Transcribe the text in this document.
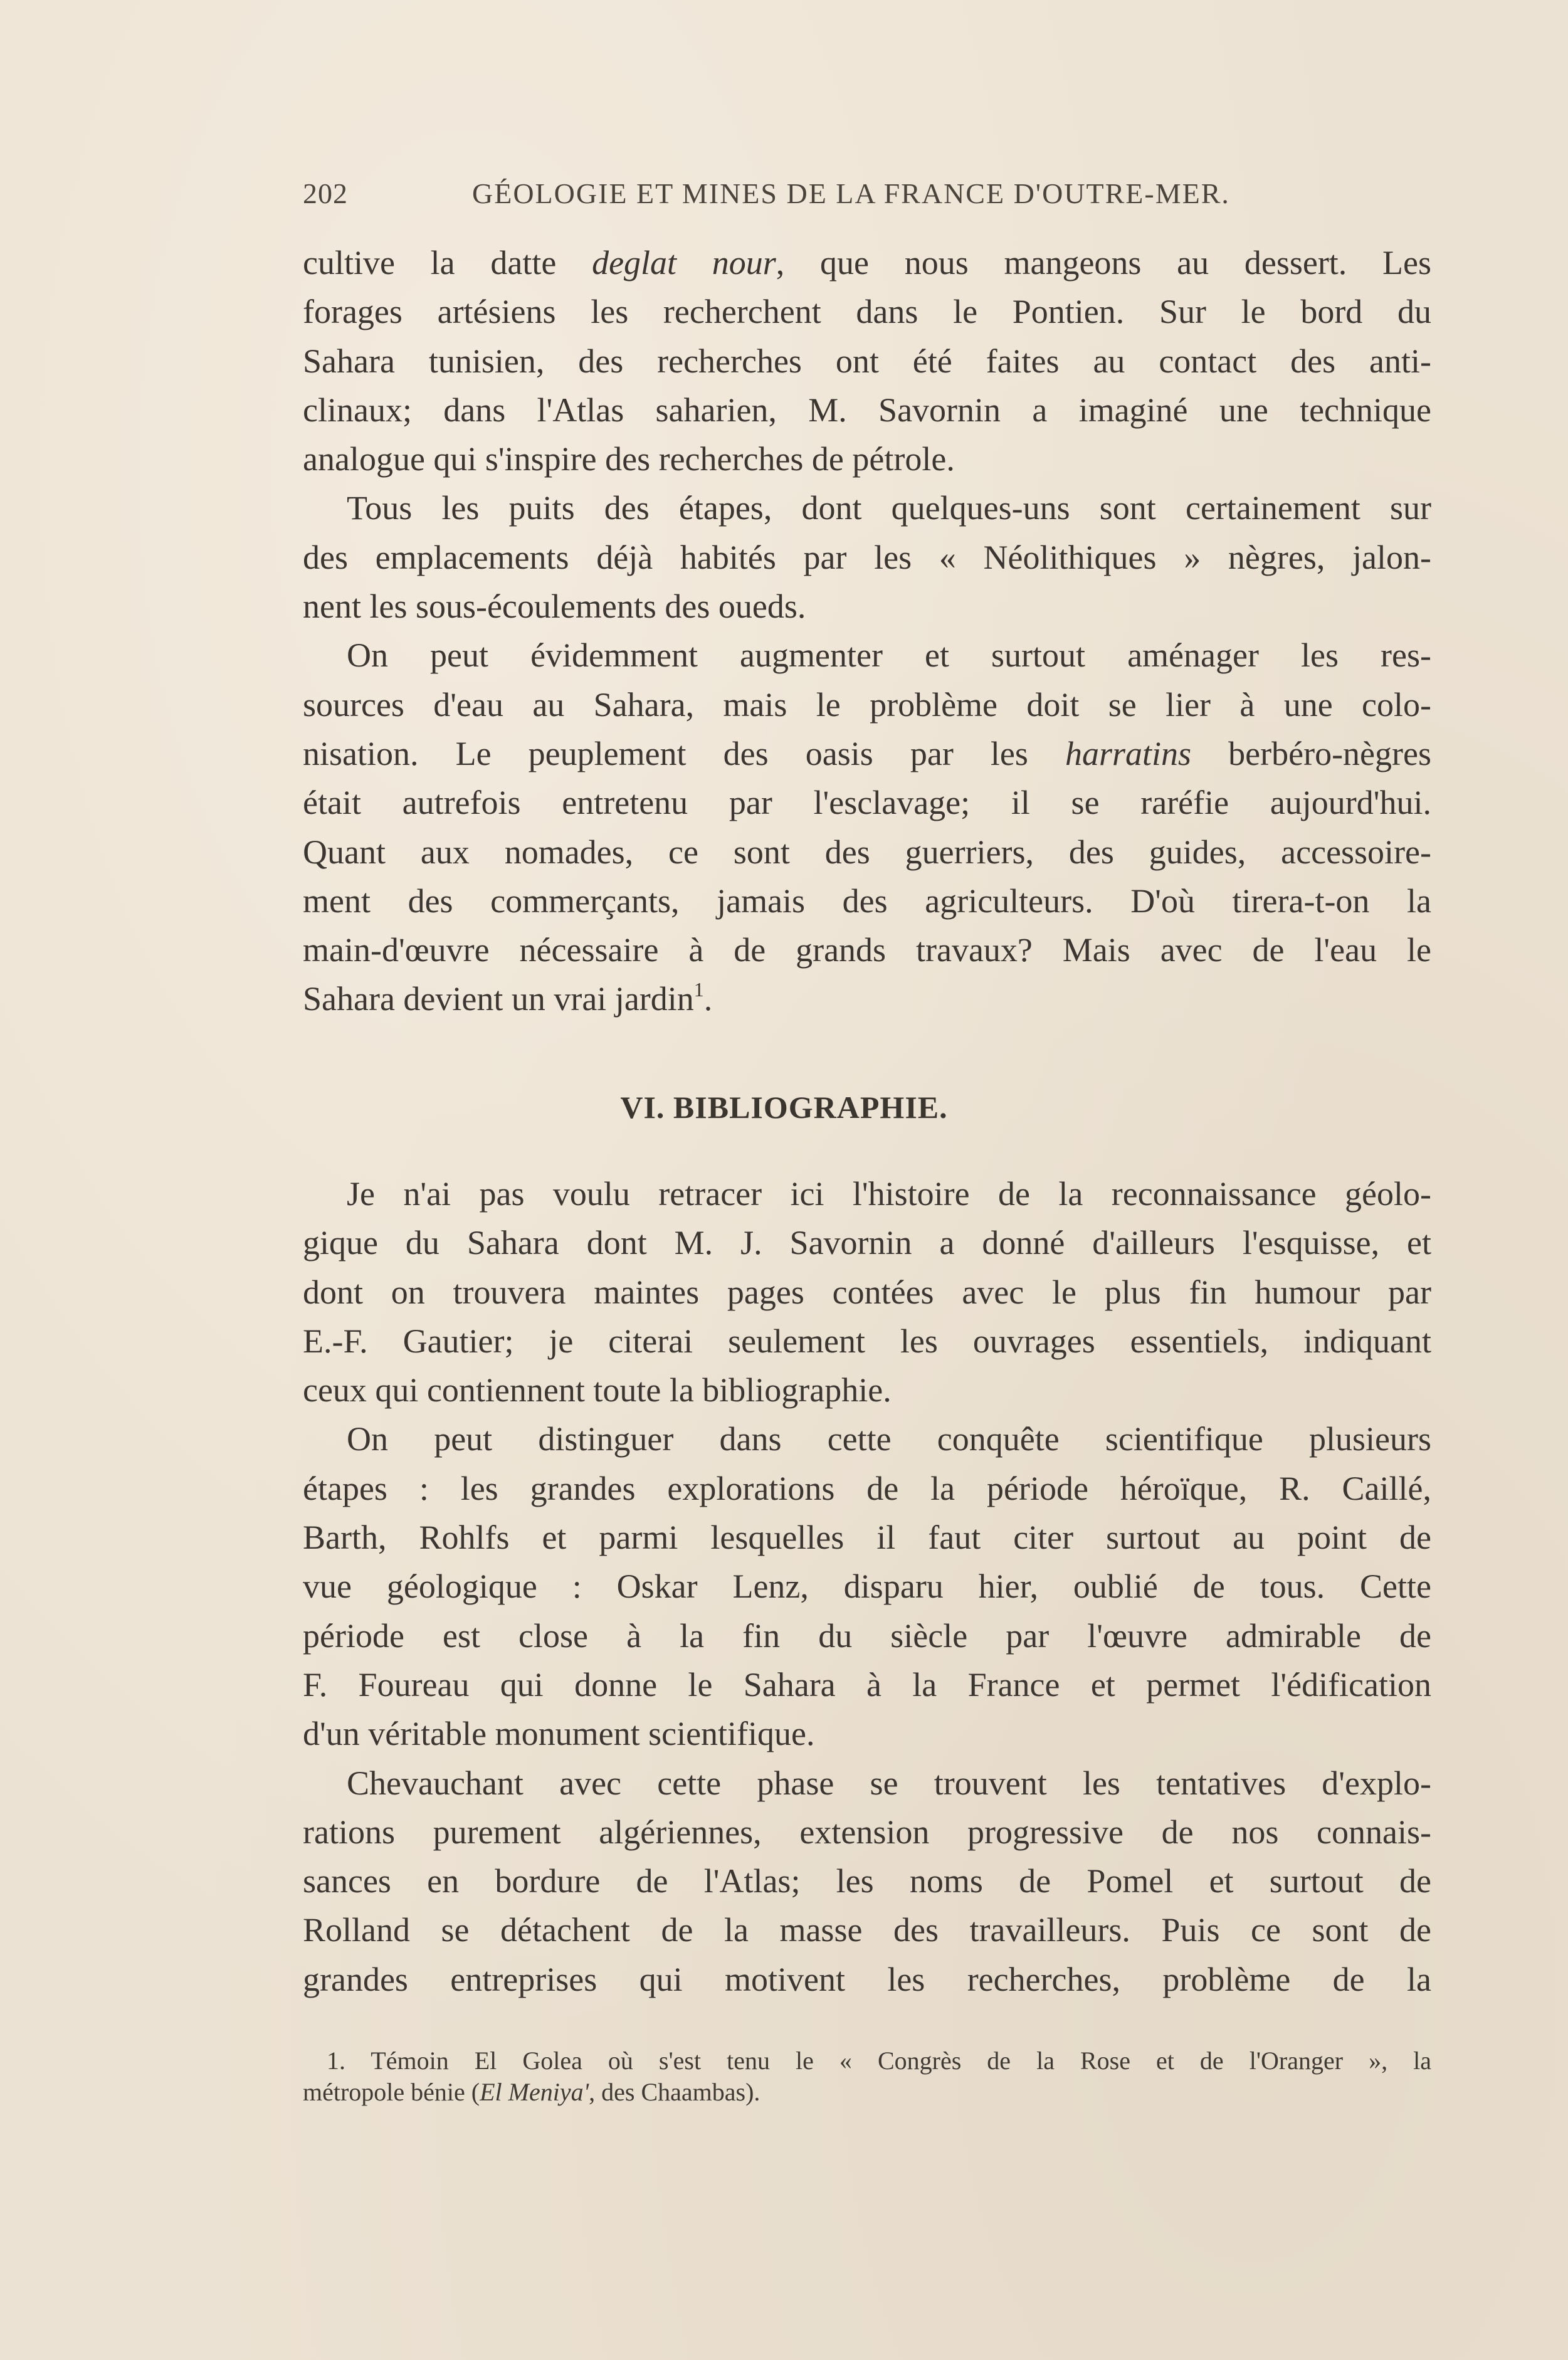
202	GÉOLOGIE ET MINES DE LA FRANCE D'OUTRE-MER.
cultive la datte deglat nour, que nous mangeons au dessert. Les
forages artésiens les recherchent dans le Pontien. Sur le bord du
Sahara tunisien, des recherches ont été faites au contact des anti-
clinaux; dans l'Atlas saharien, M. Savornin a imaginé une technique
analogue qui s'inspire des recherches de pétrole.
Tous les puits des étapes, dont quelques-uns sont certainement sur
des emplacements déjà habités par les « Néolithiques » nègres, jalon-
nent les sous-écoulements des oueds.
On peut évidemment augmenter et surtout aménager les res-
sources d'eau au Sahara, mais le problème doit se lier à une colo-
nisation. Le peuplement des oasis par les harratins berbéro-nègres
était autrefois entretenu par l'esclavage; il se raréfie aujourd'hui.
Quant aux nomades, ce sont des guerriers, des guides, accessoire-
ment des commerçants, jamais des agriculteurs. D'où tirera-t-on la
main-d'œuvre nécessaire à de grands travaux? Mais avec de l'eau le
Sahara devient un vrai jardin$^1$.
VI. BIBLIOGRAPHIE.
Je n'ai pas voulu retracer ici l'histoire de la reconnaissance géolo-
gique du Sahara dont M. J. Savornin a donné d'ailleurs l'esquisse, et
dont on trouvera maintes pages contées avec le plus fin humour par
E.-F. Gautier; je citerai seulement les ouvrages essentiels, indiquant
ceux qui contiennent toute la bibliographie.
On peut distinguer dans cette conquête scientifique plusieurs
étapes : les grandes explorations de la période héroïque, R. Caillé,
Barth, Rohlfs et parmi lesquelles il faut citer surtout au point de
vue géologique : Oskar Lenz, disparu hier, oublié de tous. Cette
période est close à la fin du siècle par l'œuvre admirable de
F. Foureau qui donne le Sahara à la France et permet l'édification
d'un véritable monument scientifique.
Chevauchant avec cette phase se trouvent les tentatives d'explo-
rations purement algériennes, extension progressive de nos connais-
sances en bordure de l'Atlas; les noms de Pomel et surtout de
Rolland se détachent de la masse des travailleurs. Puis ce sont de
grandes entreprises qui motivent les recherches, problème de la
1. Témoin El Golea où s'est tenu le « Congrès de la Rose et de l'Oranger », la
métropole bénie (El Meniya', des Chaambas).
